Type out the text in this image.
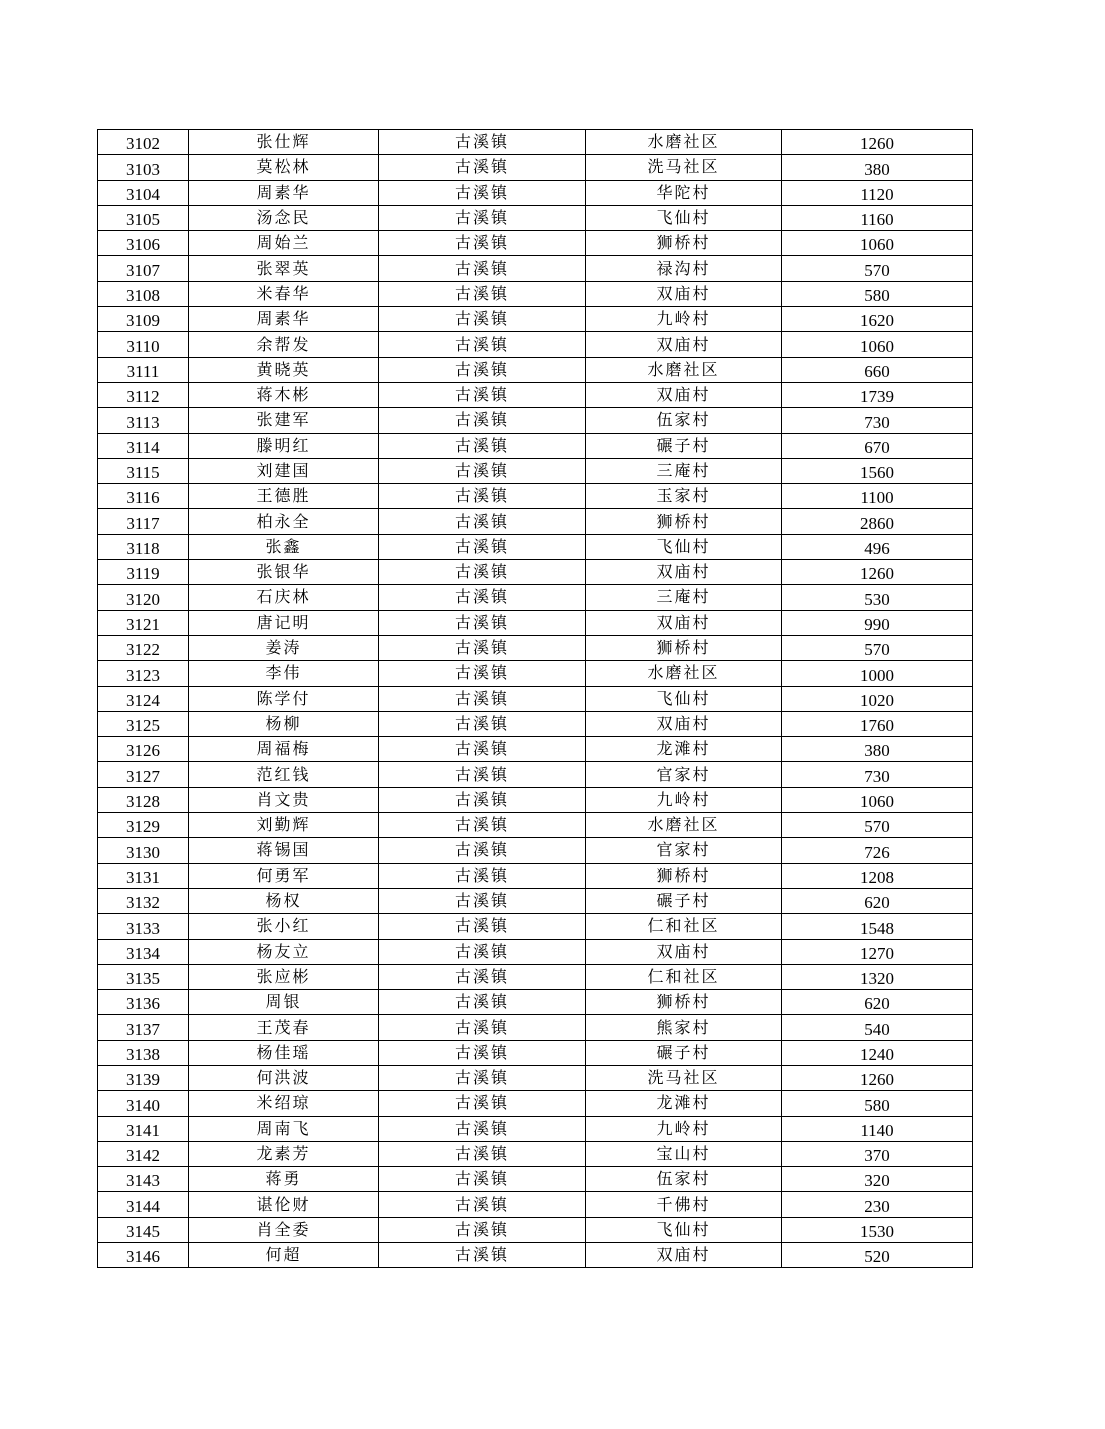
3102	张仕辉	古溪镇	水磨社区	1260
3103	莫松林	古溪镇	洗马社区	380
3104	周素华	古溪镇	华陀村	1120
3105	汤念民	古溪镇	飞仙村	1160
3106	周始兰	古溪镇	狮桥村	1060
3107	张翠英	古溪镇	禄沟村	570
3108	米春华	古溪镇	双庙村	580
3109	周素华	古溪镇	九岭村	1620
3110	余帮发	古溪镇	双庙村	1060
3111	黄晓英	古溪镇	水磨社区	660
3112	蒋木彬	古溪镇	双庙村	1739
3113	张建军	古溪镇	伍家村	730
3114	滕明红	古溪镇	碾子村	670
3115	刘建国	古溪镇	三庵村	1560
3116	王德胜	古溪镇	玉家村	1100
3117	柏永全	古溪镇	狮桥村	2860
3118	张鑫	古溪镇	飞仙村	496
3119	张银华	古溪镇	双庙村	1260
3120	石庆林	古溪镇	三庵村	530
3121	唐记明	古溪镇	双庙村	990
3122	姜涛	古溪镇	狮桥村	570
3123	李伟	古溪镇	水磨社区	1000
3124	陈学付	古溪镇	飞仙村	1020
3125	杨柳	古溪镇	双庙村	1760
3126	周福梅	古溪镇	龙滩村	380
3127	范红钱	古溪镇	官家村	730
3128	肖文贵	古溪镇	九岭村	1060
3129	刘勤辉	古溪镇	水磨社区	570
3130	蒋锡国	古溪镇	官家村	726
3131	何勇军	古溪镇	狮桥村	1208
3132	杨权	古溪镇	碾子村	620
3133	张小红	古溪镇	仁和社区	1548
3134	杨友立	古溪镇	双庙村	1270
3135	张应彬	古溪镇	仁和社区	1320
3136	周银	古溪镇	狮桥村	620
3137	王茂春	古溪镇	熊家村	540
3138	杨佳瑶	古溪镇	碾子村	1240
3139	何洪波	古溪镇	洗马社区	1260
3140	米绍琼	古溪镇	龙滩村	580
3141	周南飞	古溪镇	九岭村	1140
3142	龙素芳	古溪镇	宝山村	370
3143	蒋勇	古溪镇	伍家村	320
3144	谌伦财	古溪镇	千佛村	230
3145	肖全委	古溪镇	飞仙村	1530
3146	何超	古溪镇	双庙村	520
